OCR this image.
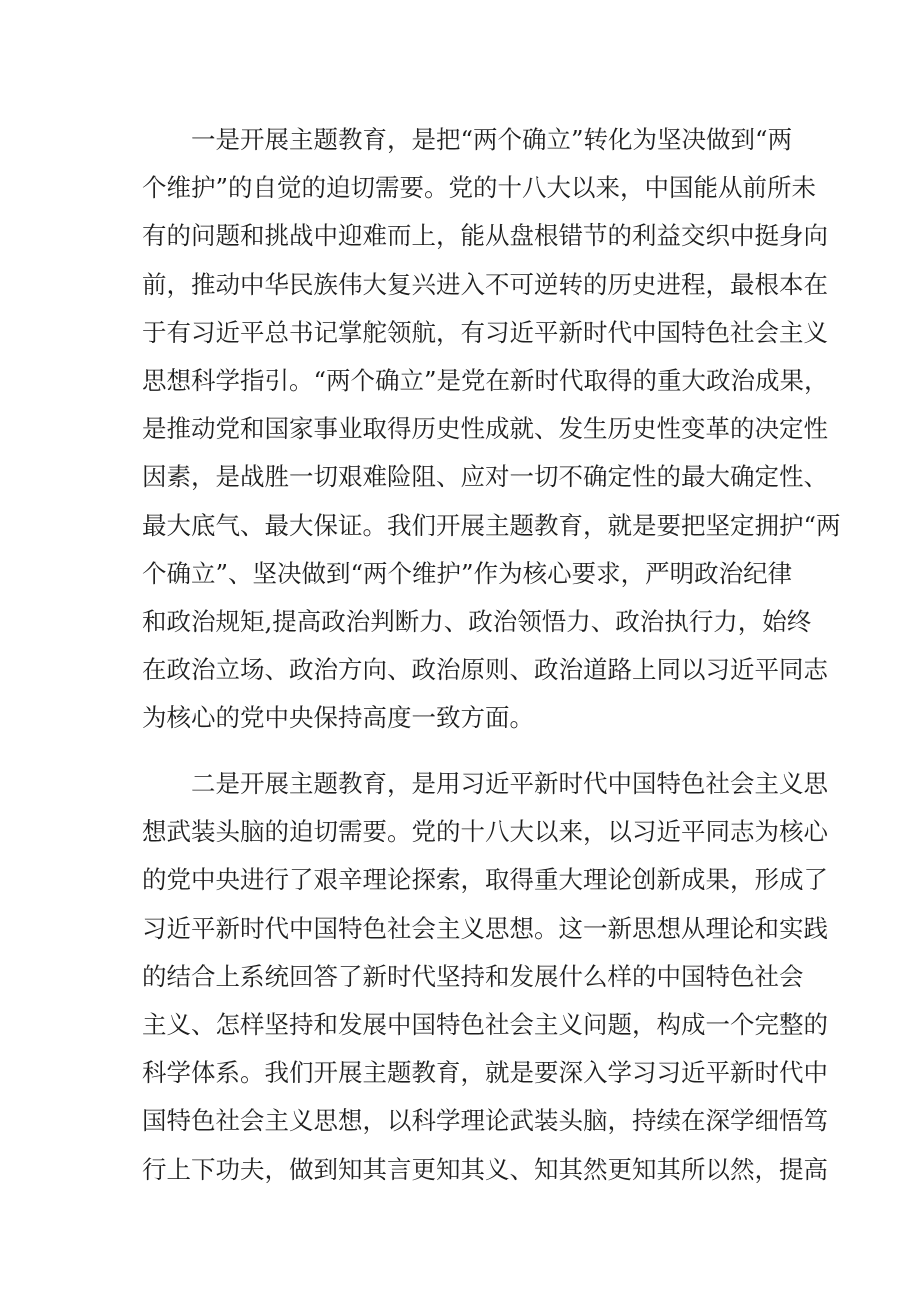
一是开展主题教育，是把“两个确立”转化为坚决做到“两
个维护”的自觉的迫切需要。党的十八大以来，中国能从前所未
有的问题和挑战中迎难而上，能从盘根错节的利益交织中挺身向
前，推动中华民族伟大复兴进入不可逆转的历史进程，最根本在
于有习近平总书记掌舵领航，有习近平新时代中国特色社会主义
思想科学指引。“两个确立”是党在新时代取得的重大政治成果，
是推动党和国家事业取得历史性成就、发生历史性变革的决定性
因素，是战胜一切艰难险阻、应对一切不确定性的最大确定性、
最大底气、最大保证。我们开展主题教育，就是要把坚定拥护“两
个确立”、坚决做到“两个维护”作为核心要求，严明政治纪律
和政治规矩,提高政治判断力、政治领悟力、政治执行力，始终
在政治立场、政治方向、政治原则、政治道路上同以习近平同志
为核心的党中央保持高度一致方面。
二是开展主题教育，是用习近平新时代中国特色社会主义思
想武装头脑的迫切需要。党的十八大以来，以习近平同志为核心
的党中央进行了艰辛理论探索，取得重大理论创新成果，形成了
习近平新时代中国特色社会主义思想。这一新思想从理论和实践
的结合上系统回答了新时代坚持和发展什么样的中国特色社会
主义、怎样坚持和发展中国特色社会主义问题，构成一个完整的
科学体系。我们开展主题教育，就是要深入学习习近平新时代中
国特色社会主义思想，以科学理论武装头脑，持续在深学细悟笃
行上下功夫，做到知其言更知其义、知其然更知其所以然，提高
